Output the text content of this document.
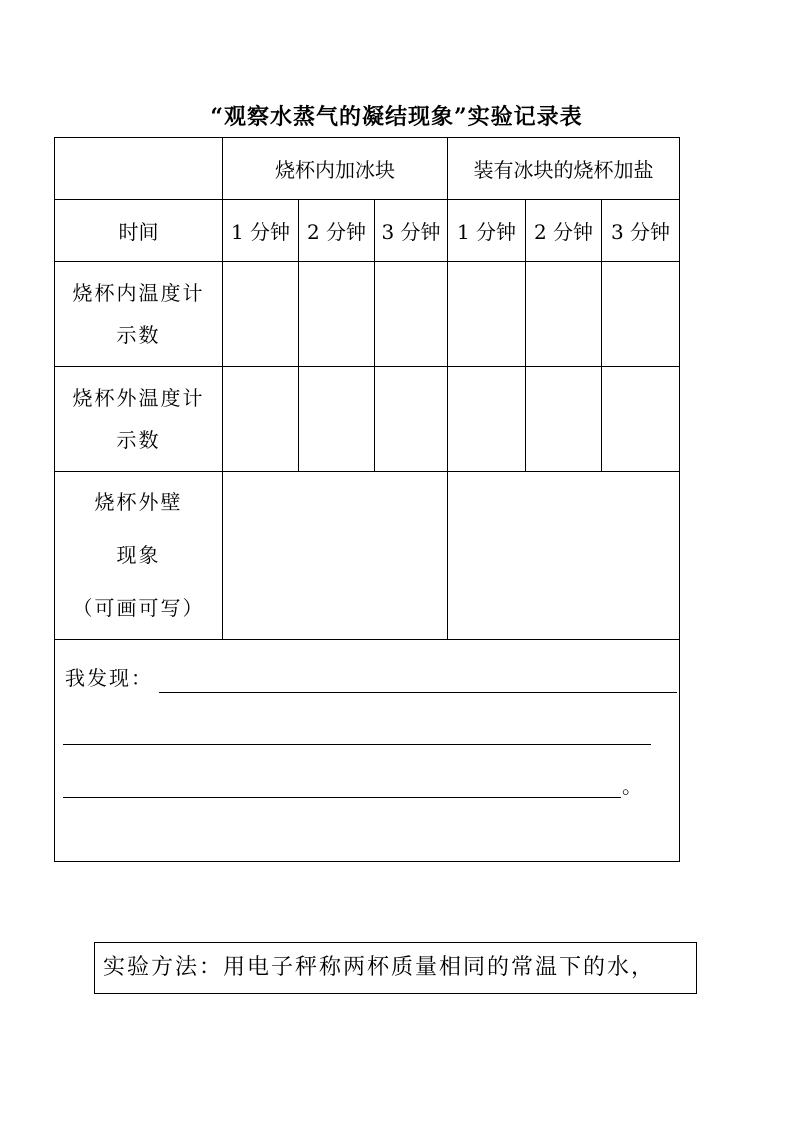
“观察水蒸气的凝结现象”实验记录表
	烧杯内加冰块			装有冰块的烧杯加盐		
时间	1 分钟	2 分钟	3 分钟	1 分钟	2 分钟	3 分钟

烧杯内温度计
示数						

烧杯外温度计
示数						

烧杯外壁
现象
（可画可写）						

我发现：
。						
实验方法：用电子秤称两杯质量相同的常温下的水，
